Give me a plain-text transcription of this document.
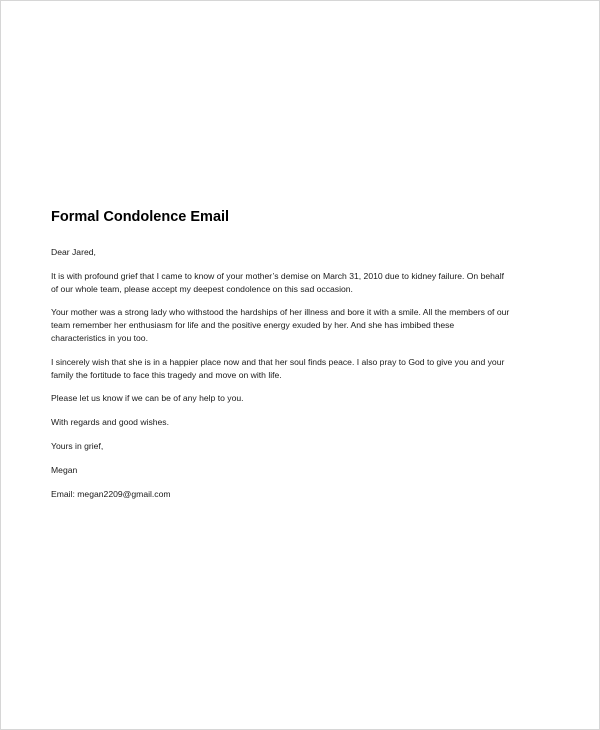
Formal Condolence Email
Dear Jared,
It is with profound grief that I came to know of your mother’s demise on March 31, 2010 due to kidney failure. On behalf
of our whole team, please accept my deepest condolence on this sad occasion.
Your mother was a strong lady who withstood the hardships of her illness and bore it with a smile. All the members of our
team remember her enthusiasm for life and the positive energy exuded by her. And she has imbibed these
characteristics in you too.
I sincerely wish that she is in a happier place now and that her soul finds peace. I also pray to God to give you and your
family the fortitude to face this tragedy and move on with life.
Please let us know if we can be of any help to you.
With regards and good wishes.
Yours in grief,
Megan
Email: megan2209@gmail.com
